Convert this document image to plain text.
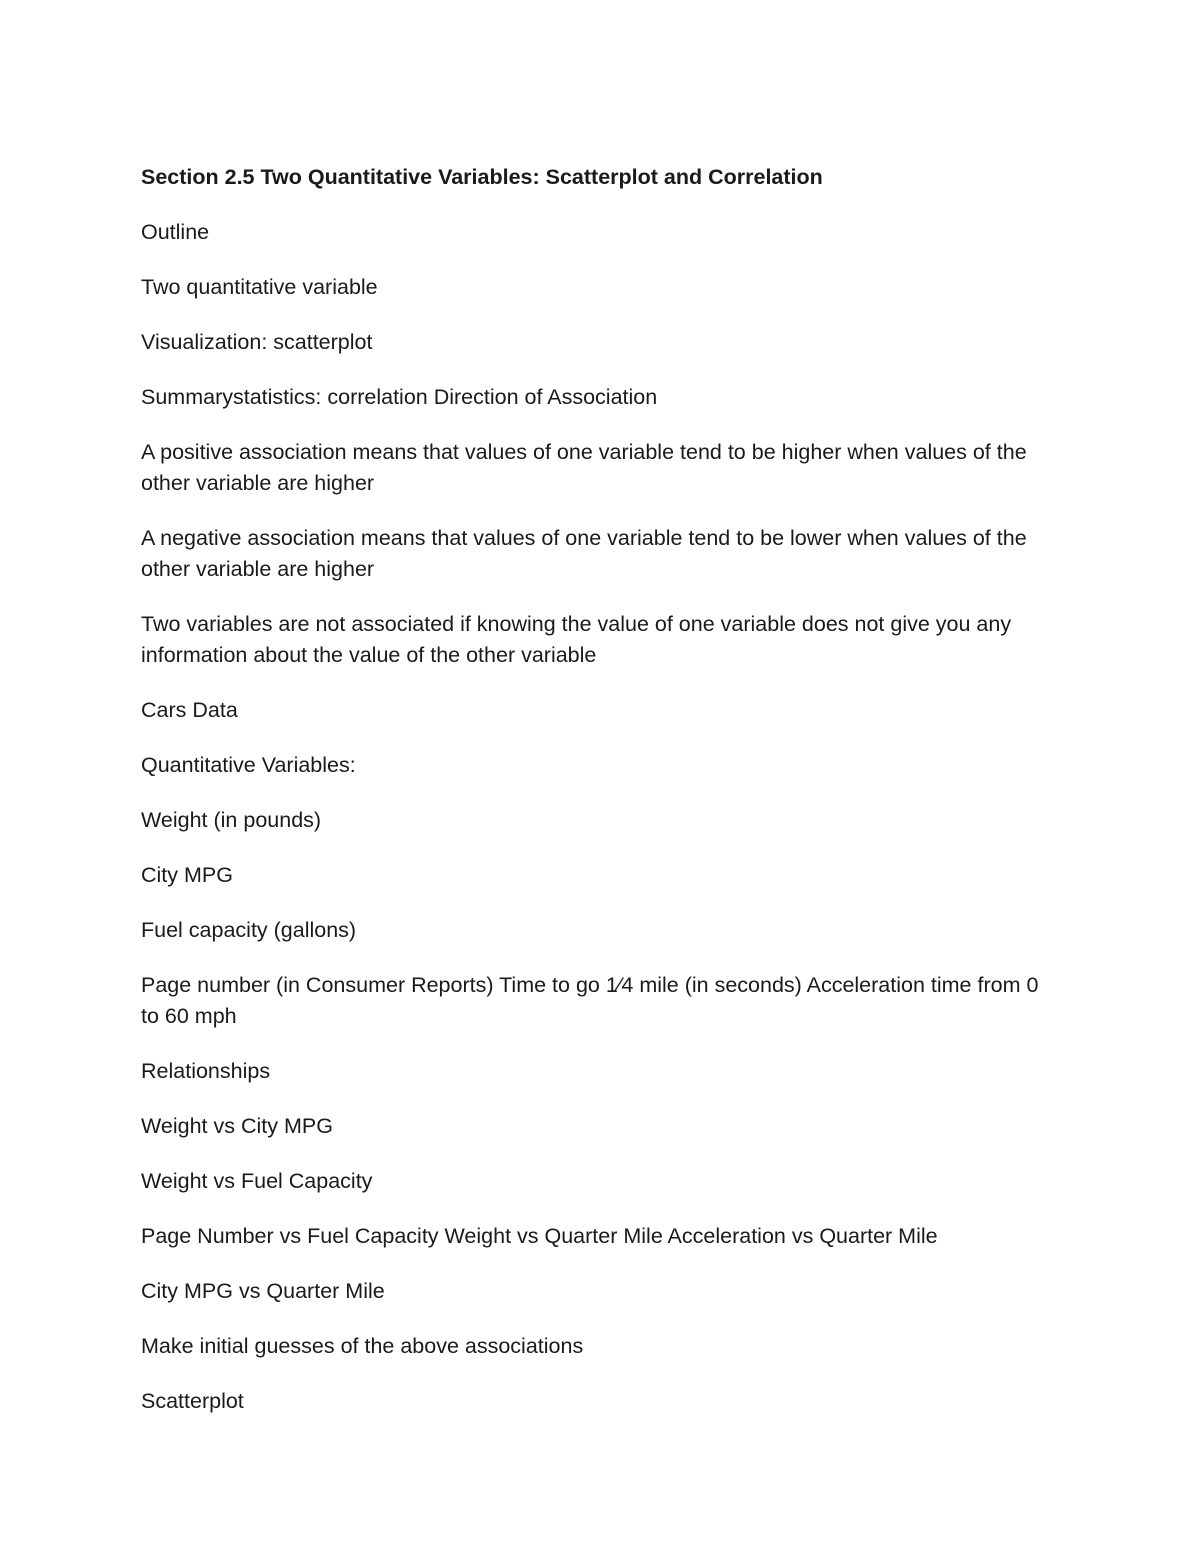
Section 2.5 Two Quantitative Variables: Scatterplot and Correlation
Outline
Two quantitative variable
Visualization: scatterplot
Summarystatistics: correlation Direction of Association
A positive association means that values of one variable tend to be higher when values of the other variable are higher
A negative association means that values of one variable tend to be lower when values of the other variable are higher
Two variables are not associated if knowing the value of one variable does not give you any information about the value of the other variable
Cars Data
Quantitative Variables:
Weight (in pounds)
City MPG
Fuel capacity (gallons)
Page number (in Consumer Reports) Time to go 1⁄4 mile (in seconds) Acceleration time from 0 to 60 mph
Relationships
Weight vs City MPG
Weight vs Fuel Capacity
Page Number vs Fuel Capacity Weight vs Quarter Mile Acceleration vs Quarter Mile
City MPG vs Quarter Mile
Make initial guesses of the above associations
Scatterplot
